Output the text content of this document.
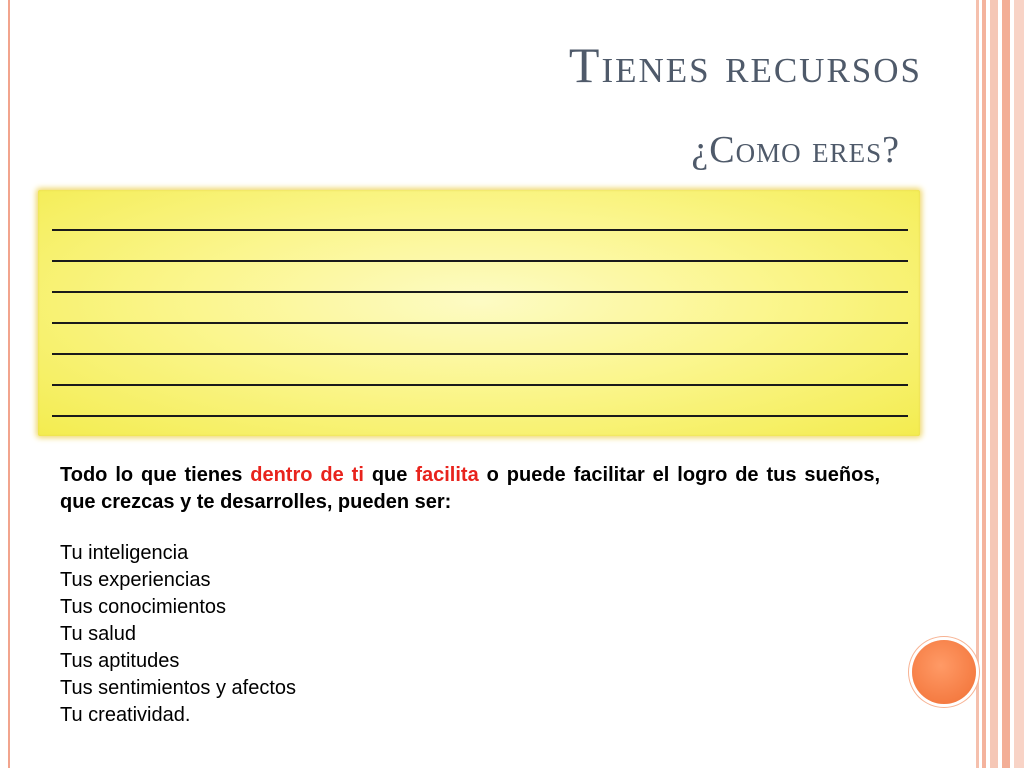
Tienes recursos
¿Como eres?

Todo lo que tienes dentro de ti que facilita o puede facilitar el logro de tus sueños, que crezcas y te desarrolles, pueden ser:

Tu inteligencia
Tus experiencias
Tus conocimientos
Tu salud
Tus aptitudes
Tus sentimientos y afectos
Tu creatividad.
